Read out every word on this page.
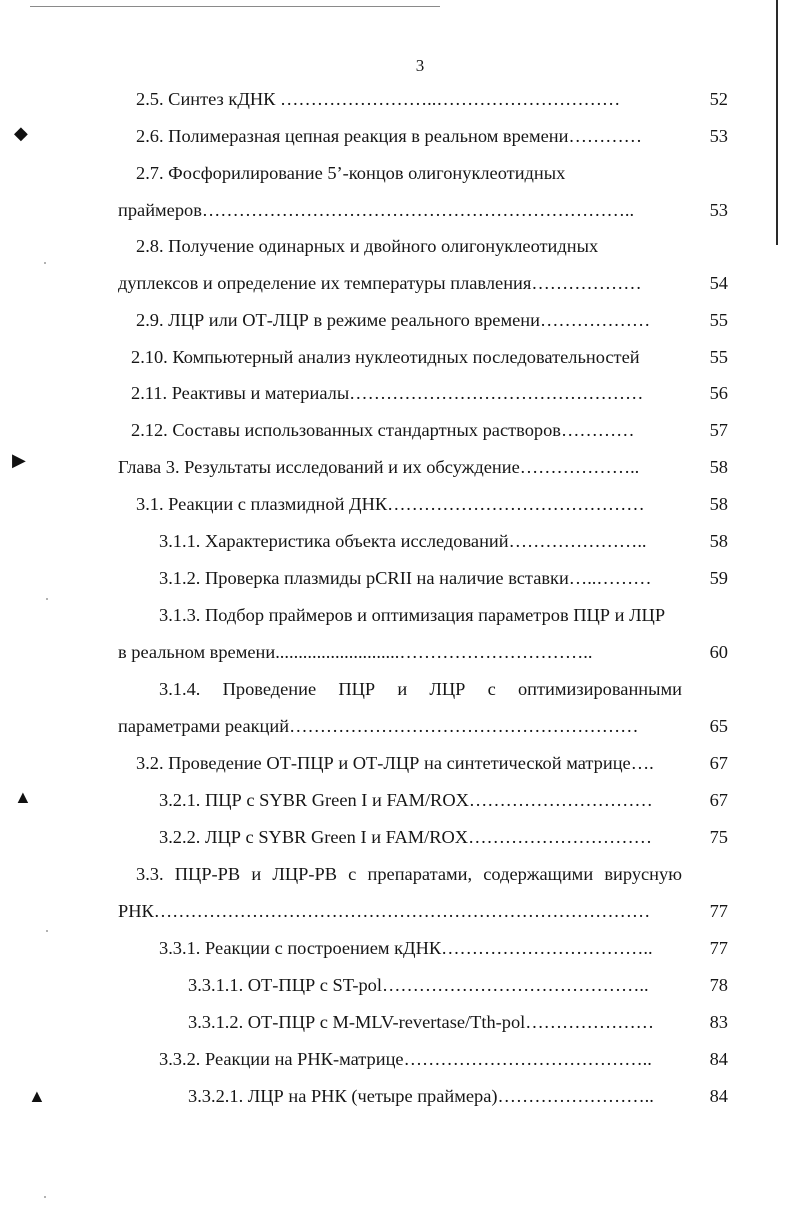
3
2.5. Синтез кДНК ……………………..…………………………	52
2.6. Полимеразная цепная реакция в реальном времени…………	53
2.7. Фосфорилирование 5’-концов олигонуклеотидных
праймеров……………………………………………………………..	53
2.8. Получение одинарных и двойного олигонуклеотидных
дуплексов и определение их температуры плавления………………	54
2.9. ЛЦР или ОТ-ЛЦР в режиме реального времени………………	55
2.10. Компьютерный анализ нуклеотидных последовательностей	55
2.11. Реактивы и материалы…………………………………………	56
2.12. Составы использованных стандартных растворов…………	57
Глава 3. Результаты исследований и их обсуждение………………..	58
3.1. Реакции с плазмидной ДНК……………………………………	58
3.1.1. Характеристика объекта исследований…………………..	58
3.1.2. Проверка плазмиды pCRII на наличие вставки…..………	59
3.1.3. Подбор праймеров и оптимизация параметров ПЦР и ЛЦР
в реальном времени...........................…………………………..	60
3.1.4. Проведение ПЦР и ЛЦР с оптимизированными
параметрами реакций…………………………………………………	65
3.2. Проведение ОТ-ПЦР и ОТ-ЛЦР на синтетической матрице….	67
3.2.1. ПЦР с SYBR Green I и FAM/ROX…………………………	67
3.2.2. ЛЦР с SYBR Green I и FAM/ROX…………………………	75
3.3. ПЦР-РВ и ЛЦР-РВ с препаратами, содержащими вирусную
РНК………………………………………………………………………	77
3.3.1. Реакции с построением кДНК……………………………..	77
3.3.1.1. ОТ-ПЦР с ST-pol……………………………………..	78
3.3.1.2. ОТ-ПЦР с M-MLV-revertase/Tth-pol…………………	83
3.3.2. Реакции на РНК-матрице…………………………………..	84
3.3.2.1. ЛЦР на РНК (четыре праймера)……………………..	84
◆
▶
▲
▲
